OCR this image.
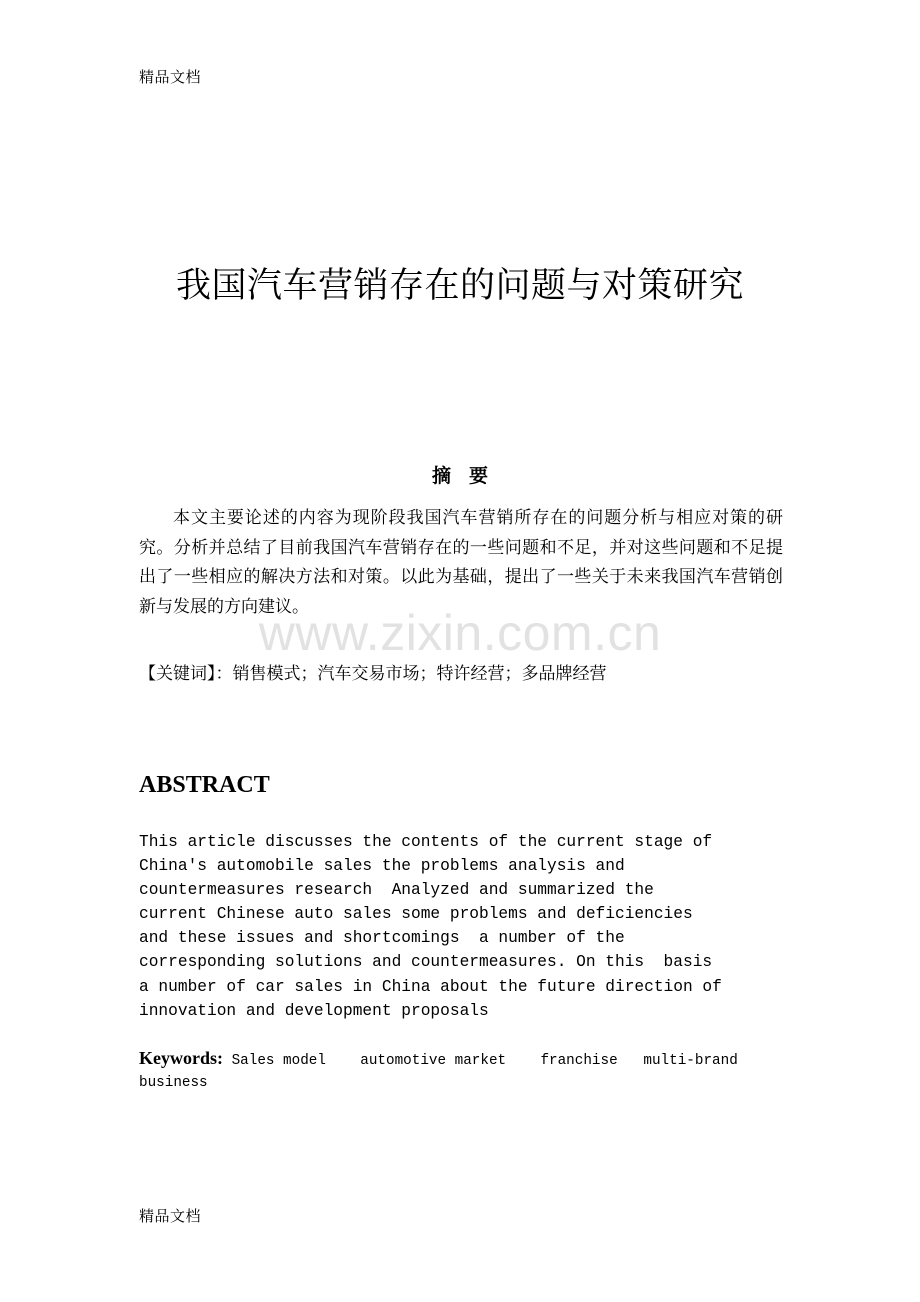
精品文档
我国汽车营销存在的问题与对策研究
摘要

本文主要论述的内容为现阶段我国汽车营销所存在的问题分析与相应对策的研究。分析并总结了目前我国汽车营销存在的一些问题和不足，并对这些问题和不足提出了一些相应的解决方法和对策。以此为基础，提出了一些关于未来我国汽车营销创新与发展的方向建议。

www.zixin.com.cn
【关键词】：销售模式；汽车交易市场；特许经营；多品牌经营
ABSTRACT

This article discusses the contents of the current stage of
China's automobile sales the problems analysis and
countermeasures research  Analyzed and summarized the
current Chinese auto sales some problems and deficiencies
and these issues and shortcomings  a number of the
corresponding solutions and countermeasures. On this  basis
a number of car sales in China about the future direction of
innovation and development proposals

Keywords: Sales model    automotive market    franchise   multi-brand
business
精品文档
